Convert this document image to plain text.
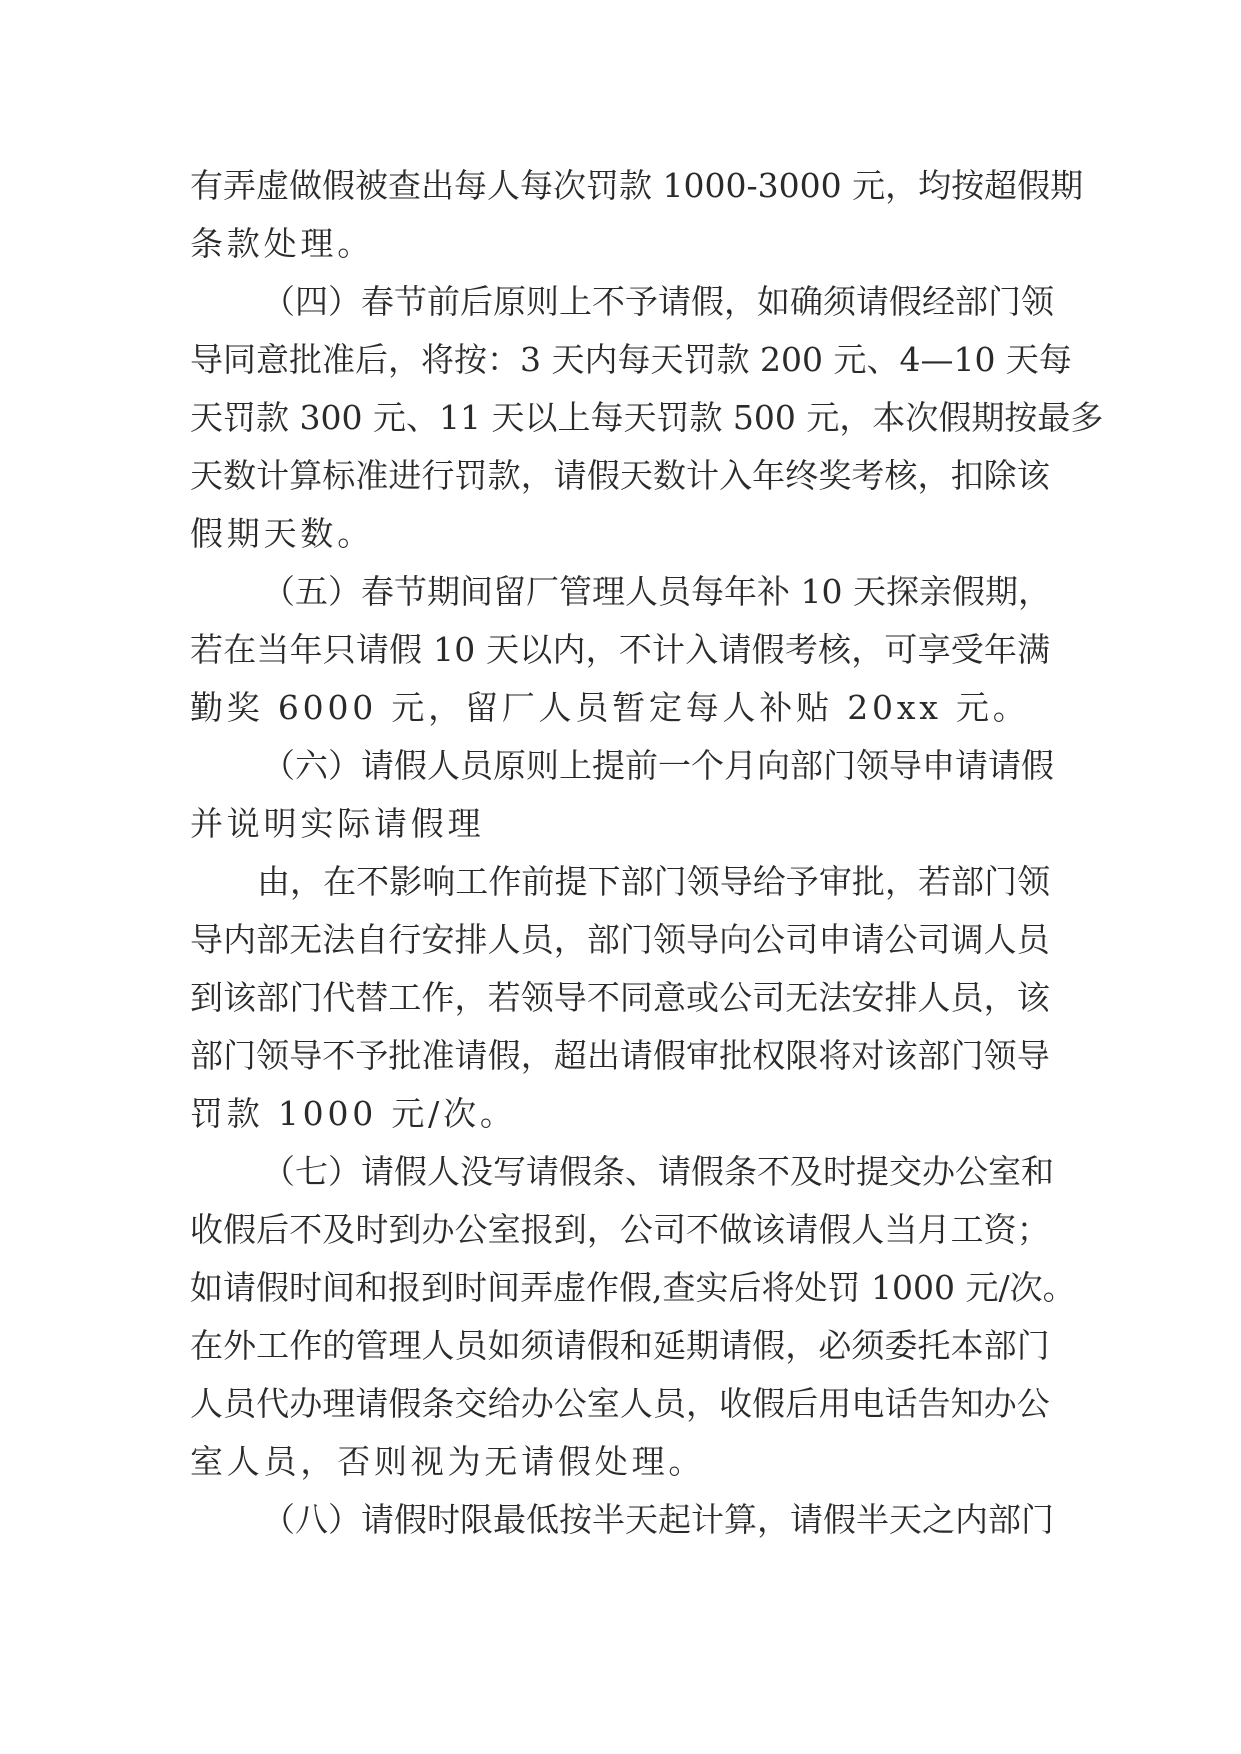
有弄虚做假被查出每人每次罚款 1000-3000 元，均按超假期

条款处理。

（四）春节前后原则上不予请假，如确须请假经部门领

导同意批准后，将按：3 天内每天罚款 200 元、4—10 天每

天罚款 300 元、11 天以上每天罚款 500 元，本次假期按最多

天数计算标准进行罚款，请假天数计入年终奖考核，扣除该

假期天数。

（五）春节期间留厂管理人员每年补 10 天探亲假期，

若在当年只请假 10 天以内，不计入请假考核，可享受年满

勤奖 6000 元，留厂人员暂定每人补贴 20xx 元。

（六）请假人员原则上提前一个月向部门领导申请请假

并说明实际请假理

由，在不影响工作前提下部门领导给予审批，若部门领

导内部无法自行安排人员，部门领导向公司申请公司调人员

到该部门代替工作，若领导不同意或公司无法安排人员，该

部门领导不予批准请假，超出请假审批权限将对该部门领导

罚款 1000 元/次。

（七）请假人没写请假条、请假条不及时提交办公室和

收假后不及时到办公室报到，公司不做该请假人当月工资；

如请假时间和报到时间弄虚作假,查实后将处罚 1000 元/次。

在外工作的管理人员如须请假和延期请假，必须委托本部门

人员代办理请假条交给办公室人员，收假后用电话告知办公

室人员，否则视为无请假处理。

（八）请假时限最低按半天起计算，请假半天之内部门
